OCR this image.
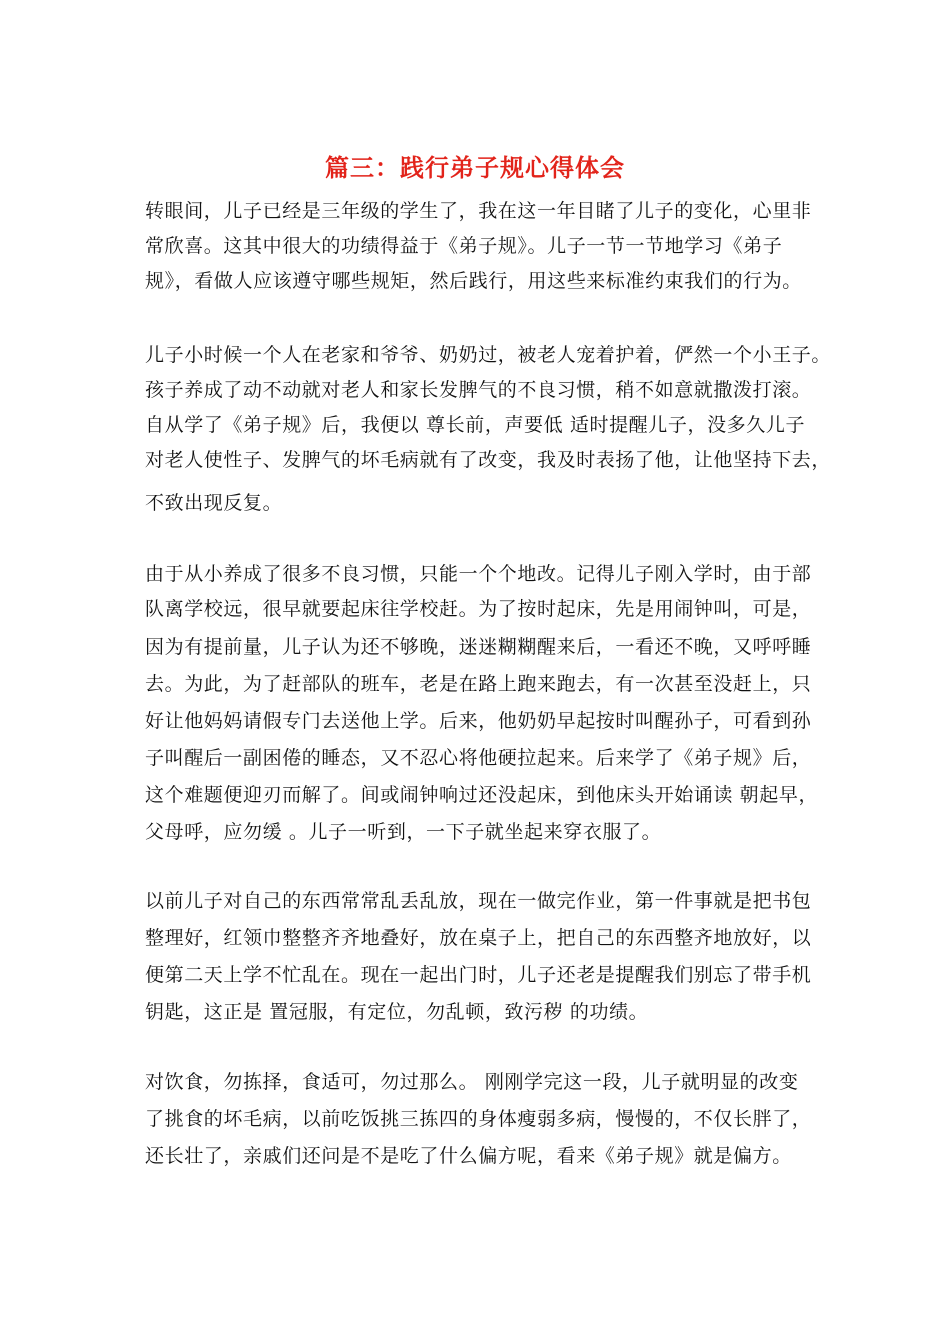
篇三：践行弟子规心得体会
转眼间，儿子已经是三年级的学生了，我在这一年目睹了儿子的变化，心里非
常欣喜。这其中很大的功绩得益于《弟子规》。儿子一节一节地学习《弟子
规》，看做人应该遵守哪些规矩，然后践行，用这些来标准约束我们的行为。
儿子小时候一个人在老家和爷爷、奶奶过，被老人宠着护着，俨然一个小王子。
孩子养成了动不动就对老人和家长发脾气的不良习惯，稍不如意就撒泼打滚。
自从学了《弟子规》后，我便以 尊长前，声要低 适时提醒儿子，没多久儿子
对老人使性子、发脾气的坏毛病就有了改变，我及时表扬了他，让他坚持下去，
不致出现反复。
由于从小养成了很多不良习惯，只能一个个地改。记得儿子刚入学时，由于部
队离学校远，很早就要起床往学校赶。为了按时起床，先是用闹钟叫，可是，
因为有提前量，儿子认为还不够晚，迷迷糊糊醒来后，一看还不晚，又呼呼睡
去。为此，为了赶部队的班车，老是在路上跑来跑去，有一次甚至没赶上，只
好让他妈妈请假专门去送他上学。后来，他奶奶早起按时叫醒孙子，可看到孙
子叫醒后一副困倦的睡态，又不忍心将他硬拉起来。后来学了《弟子规》后，
这个难题便迎刃而解了。间或闹钟响过还没起床，到他床头开始诵读 朝起早，
父母呼，应勿缓 。儿子一听到，一下子就坐起来穿衣服了。
以前儿子对自己的东西常常乱丢乱放，现在一做完作业，第一件事就是把书包
整理好，红领巾整整齐齐地叠好，放在桌子上，把自己的东西整齐地放好，以
便第二天上学不忙乱在。现在一起出门时，儿子还老是提醒我们别忘了带手机
钥匙，这正是 置冠服，有定位，勿乱顿，致污秽 的功绩。
对饮食，勿拣择，食适可，勿过那么。 刚刚学完这一段，儿子就明显的改变
了挑食的坏毛病，以前吃饭挑三拣四的身体瘦弱多病，慢慢的，不仅长胖了，
还长壮了，亲戚们还问是不是吃了什么偏方呢，看来《弟子规》就是偏方。
